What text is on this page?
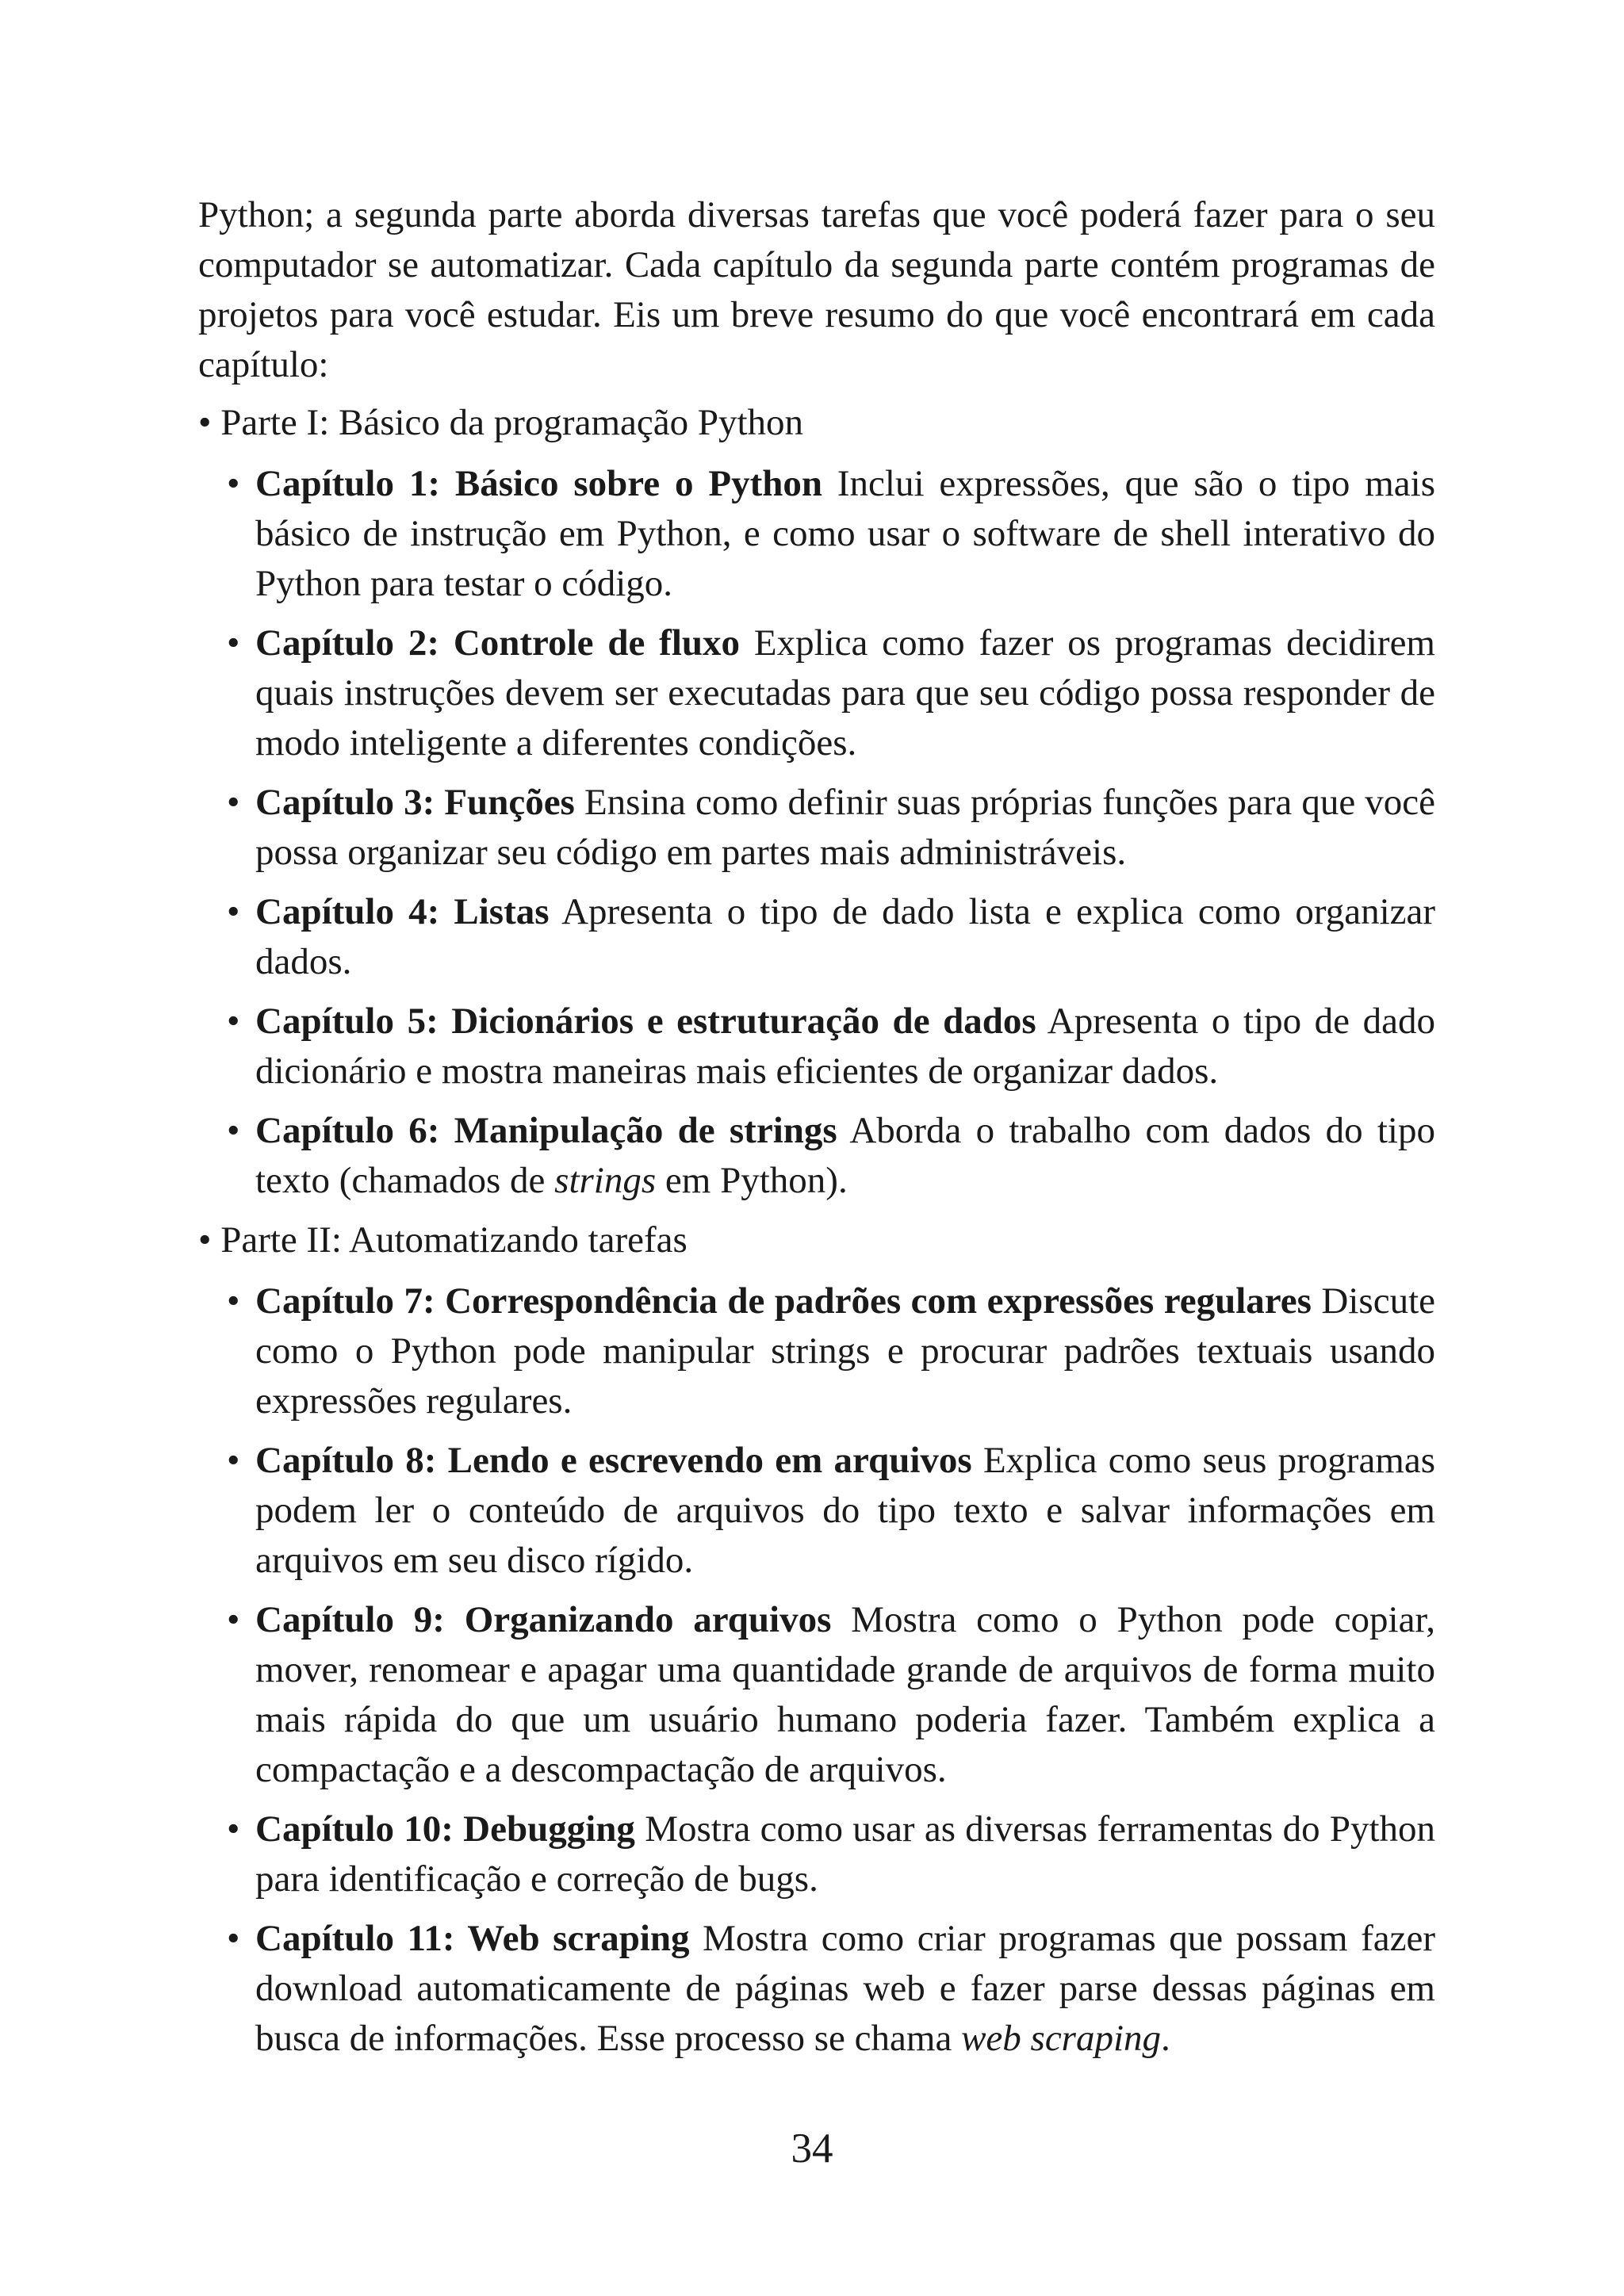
Python; a segunda parte aborda diversas tarefas que você poderá fazer para o seu computador se automatizar. Cada capítulo da segunda parte contém programas de projetos para você estudar. Eis um breve resumo do que você encontrará em cada capítulo:

• Parte I: Básico da programação Python
• Capítulo 1: Básico sobre o Python Inclui expressões, que são o tipo mais básico de instrução em Python, e como usar o software de shell interativo do Python para testar o código.
• Capítulo 2: Controle de fluxo Explica como fazer os programas decidirem quais instruções devem ser executadas para que seu código possa responder de modo inteligente a diferentes condições.
• Capítulo 3: Funções Ensina como definir suas próprias funções para que você possa organizar seu código em partes mais administráveis.
• Capítulo 4: Listas Apresenta o tipo de dado lista e explica como organizar dados.
• Capítulo 5: Dicionários e estruturação de dados Apresenta o tipo de dado dicionário e mostra maneiras mais eficientes de organizar dados.
• Capítulo 6: Manipulação de strings Aborda o trabalho com dados do tipo texto (chamados de strings em Python).
• Parte II: Automatizando tarefas
• Capítulo 7: Correspondência de padrões com expressões regulares Discute como o Python pode manipular strings e procurar padrões textuais usando expressões regulares.
• Capítulo 8: Lendo e escrevendo em arquivos Explica como seus programas podem ler o conteúdo de arquivos do tipo texto e salvar informações em arquivos em seu disco rígido.
• Capítulo 9: Organizando arquivos Mostra como o Python pode copiar, mover, renomear e apagar uma quantidade grande de arquivos de forma muito mais rápida do que um usuário humano poderia fazer. Também explica a compactação e a descompactação de arquivos.
• Capítulo 10: Debugging Mostra como usar as diversas ferramentas do Python para identificação e correção de bugs.
• Capítulo 11: Web scraping Mostra como criar programas que possam fazer download automaticamente de páginas web e fazer parse dessas páginas em busca de informações. Esse processo se chama web scraping.
34
